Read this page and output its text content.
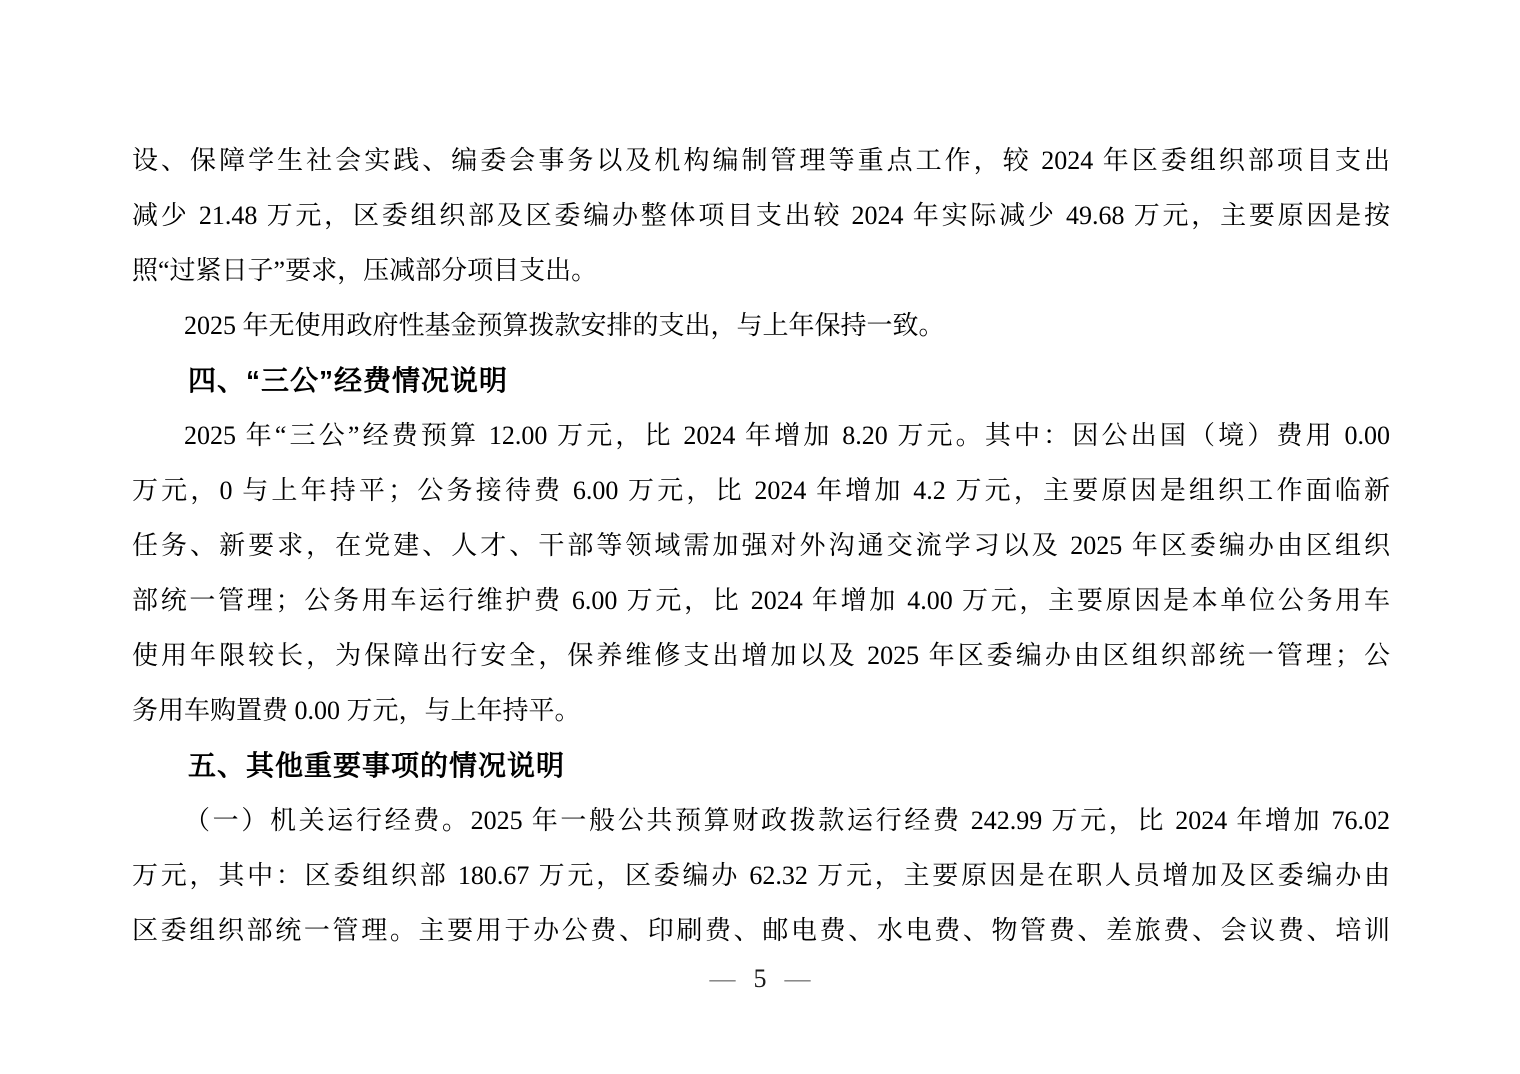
设、保障学生社会实践、编委会事务以及机构编制管理等重点工作，较 2024 年区委组织部项目支出

减少 21.48 万元，区委组织部及区委编办整体项目支出较 2024 年实际减少 49.68 万元，主要原因是按

照“过紧日子”要求，压减部分项目支出。

2025 年无使用政府性基金预算拨款安排的支出，与上年保持一致。

四、“三公”经费情况说明

2025 年“三公”经费预算 12.00 万元，比 2024 年增加 8.20 万元。其中：因公出国（境）费用 0.00

万元，0 与上年持平；公务接待费 6.00 万元，比 2024 年增加 4.2 万元，主要原因是组织工作面临新

任务、新要求，在党建、人才、干部等领域需加强对外沟通交流学习以及 2025 年区委编办由区组织

部统一管理；公务用车运行维护费 6.00 万元，比 2024 年增加 4.00 万元，主要原因是本单位公务用车

使用年限较长，为保障出行安全，保养维修支出增加以及 2025 年区委编办由区组织部统一管理；公

务用车购置费 0.00 万元，与上年持平。

五、其他重要事项的情况说明

（一）机关运行经费。2025 年一般公共预算财政拨款运行经费 242.99 万元，比 2024 年增加 76.02

万元，其中：区委组织部 180.67 万元，区委编办 62.32 万元，主要原因是在职人员增加及区委编办由

区委组织部统一管理。主要用于办公费、印刷费、邮电费、水电费、物管费、差旅费、会议费、培训

— 5 —
